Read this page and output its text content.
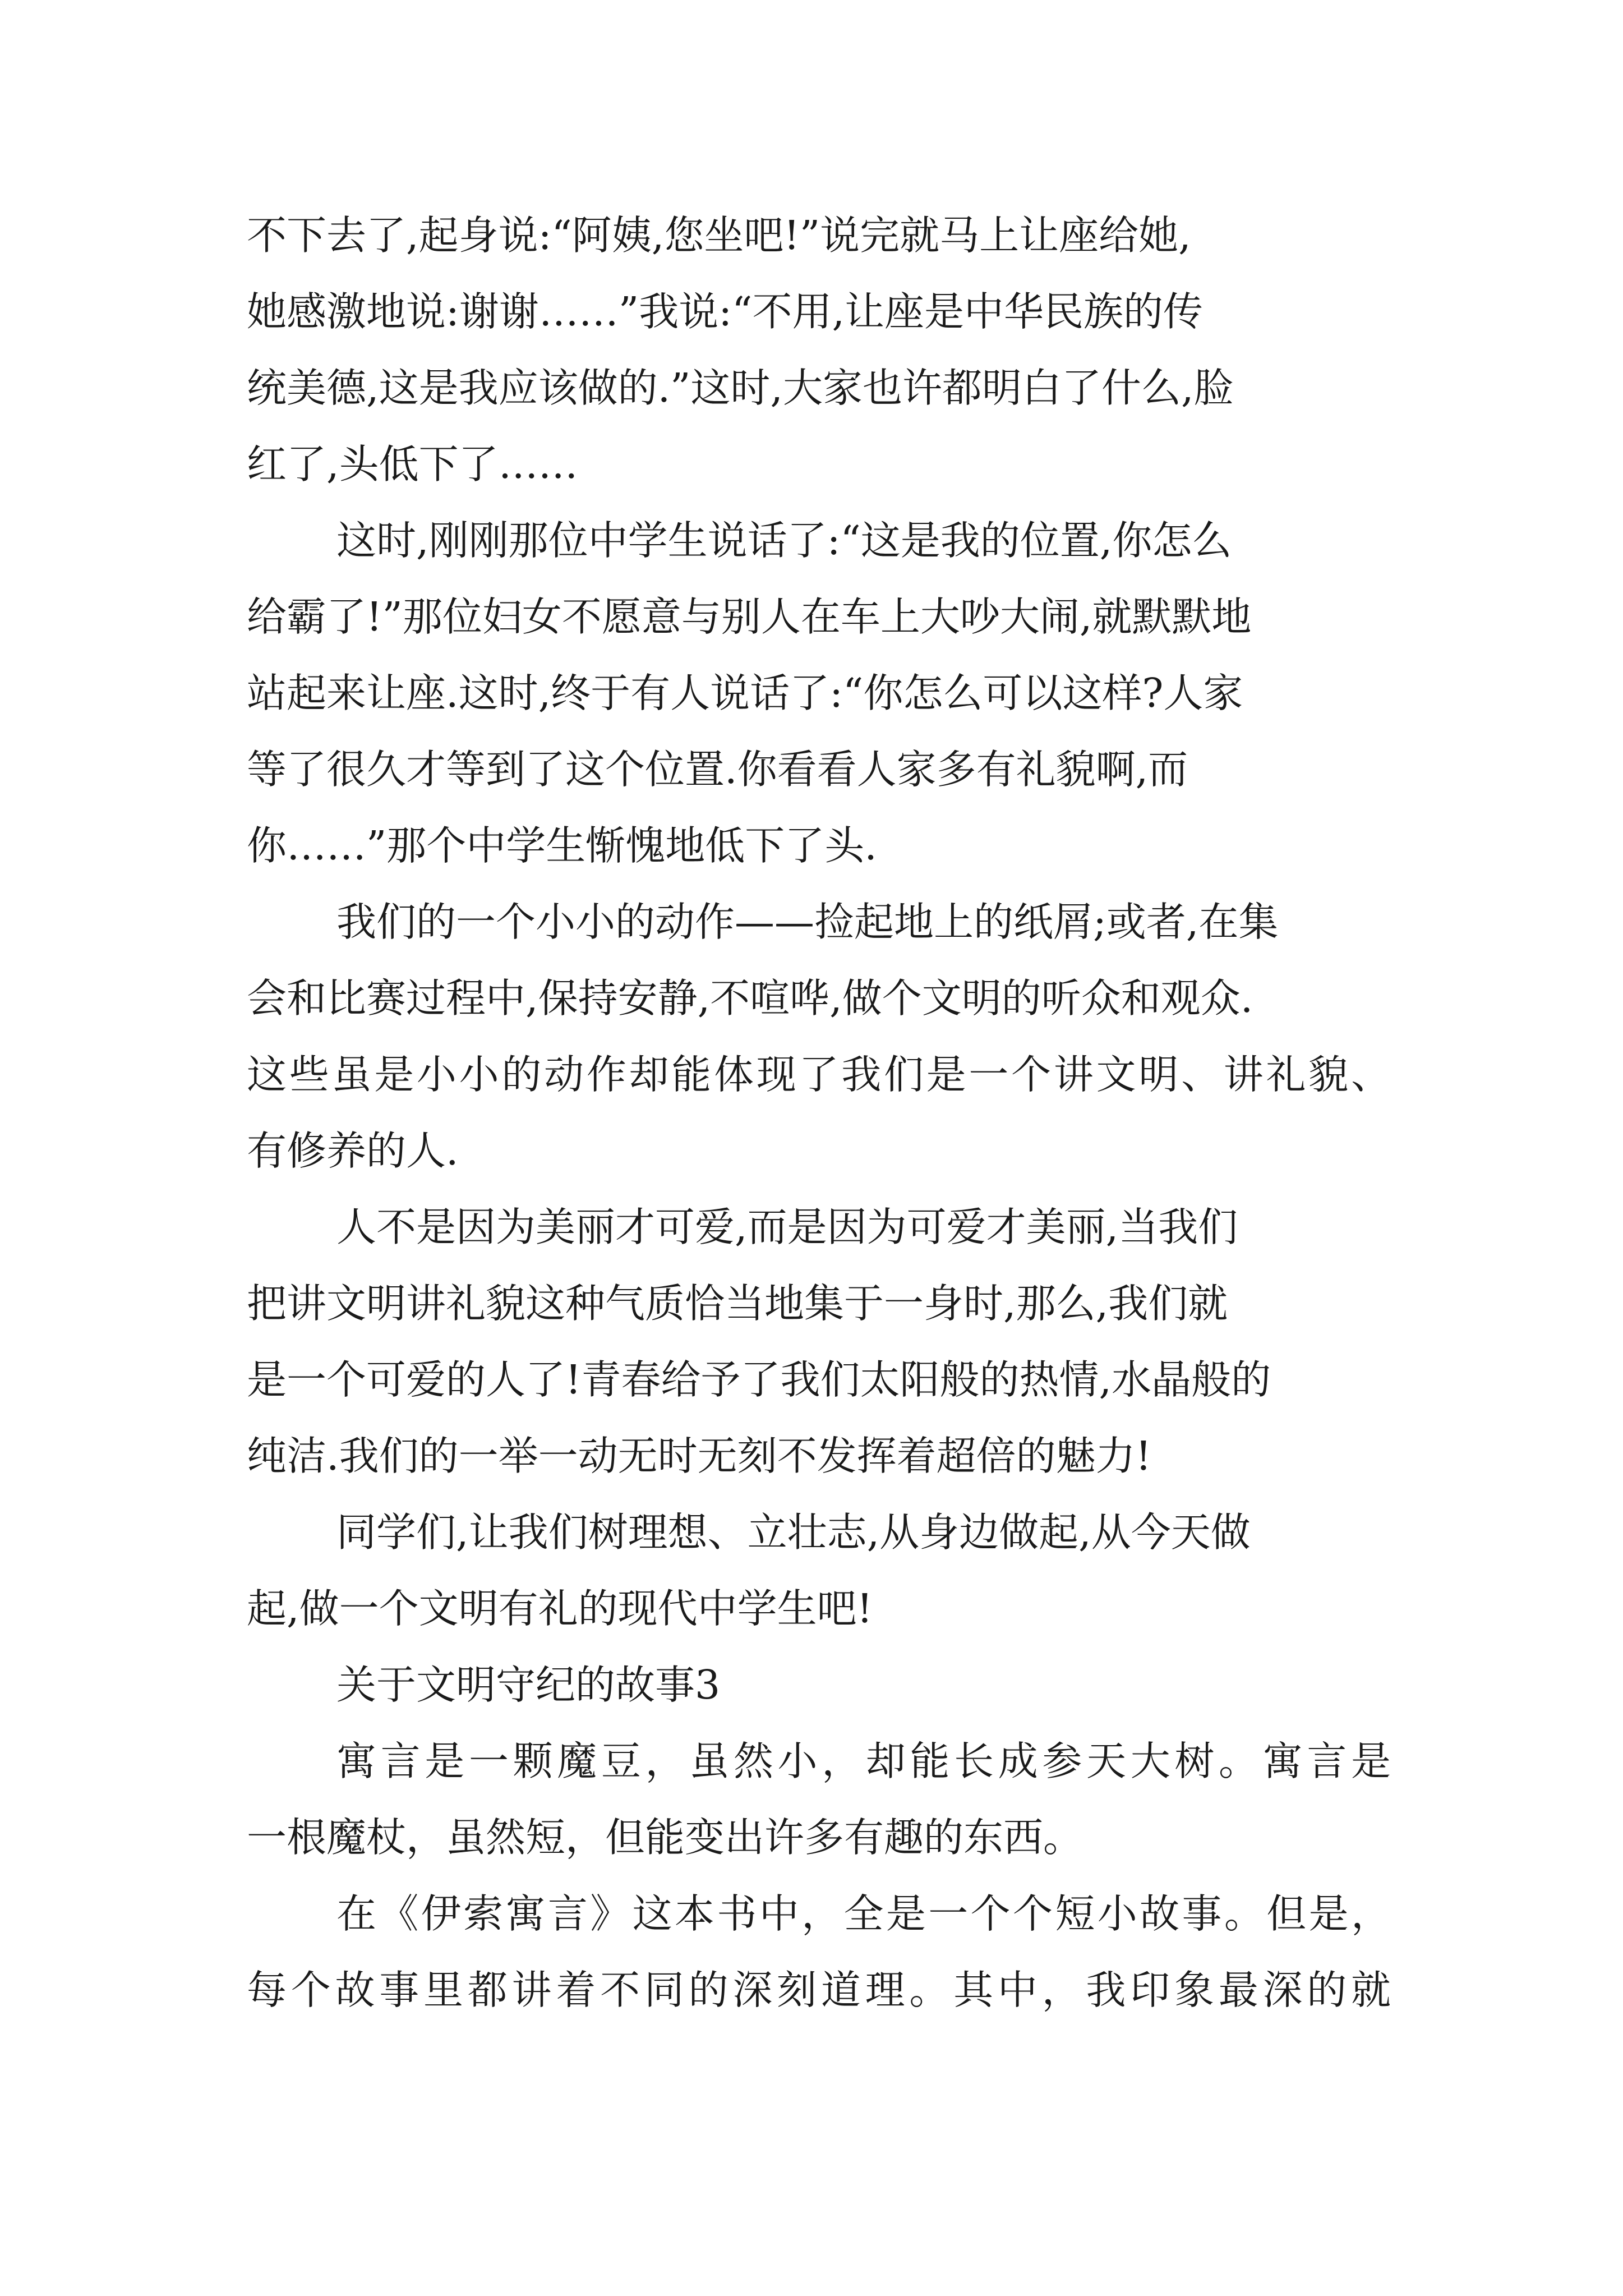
不下去了,起身说:“阿姨,您坐吧!”说完就马上让座给她,
她感激地说:谢谢……”我说:“不用,让座是中华民族的传
统美德,这是我应该做的.”这时,大家也许都明白了什么,脸
红了,头低下了……
这时,刚刚那位中学生说话了:“这是我的位置,你怎么
给霸了!”那位妇女不愿意与别人在车上大吵大闹,就默默地
站起来让座.这时,终于有人说话了:“你怎么可以这样?人家
等了很久才等到了这个位置.你看看人家多有礼貌啊,而
你……”那个中学生惭愧地低下了头.
我们的一个小小的动作——捡起地上的纸屑;或者,在集
会和比赛过程中,保持安静,不喧哗,做个文明的听众和观众.
这些虽是小小的动作却能体现了我们是一个讲文明、讲礼貌、
有修养的人.
人不是因为美丽才可爱,而是因为可爱才美丽,当我们
把讲文明讲礼貌这种气质恰当地集于一身时,那么,我们就
是一个可爱的人了!青春给予了我们太阳般的热情,水晶般的
纯洁.我们的一举一动无时无刻不发挥着超倍的魅力!
同学们,让我们树理想、立壮志,从身边做起,从今天做
起,做一个文明有礼的现代中学生吧!
关于文明守纪的故事3
寓言是一颗魔豆，虽然小，却能长成参天大树。寓言是
一根魔杖，虽然短，但能变出许多有趣的东西。
在《伊索寓言》这本书中，全是一个个短小故事。但是，
每个故事里都讲着不同的深刻道理。其中，我印象最深的就
